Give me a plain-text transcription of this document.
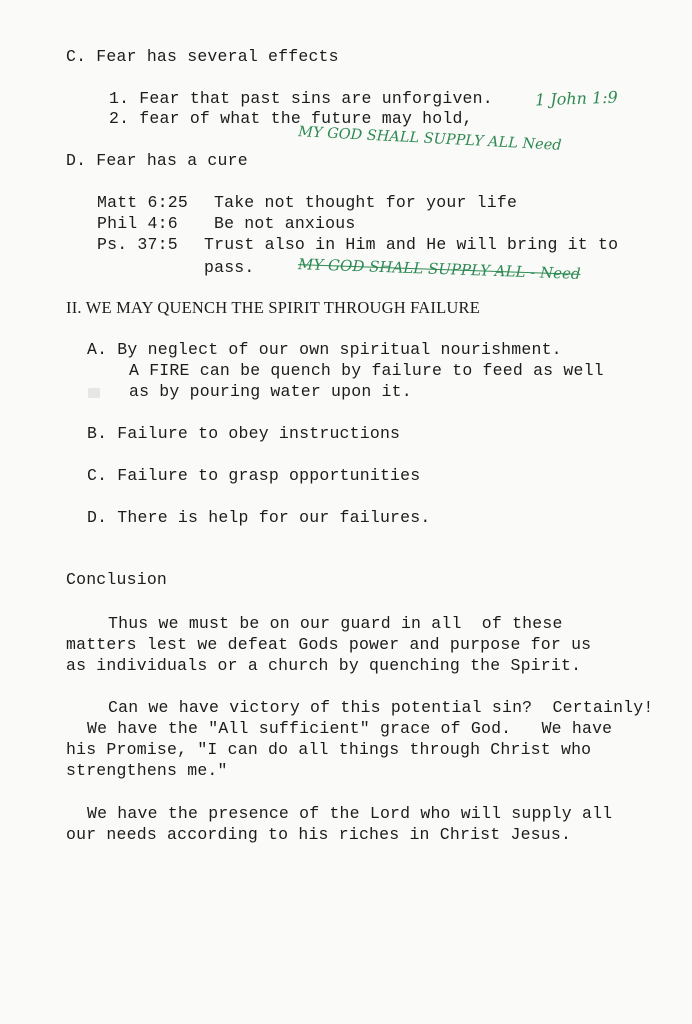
C. Fear has several effects
1. Fear that past sins are unforgiven.
2. fear of what the future may hold,
1 John 1:9
MY GOD SHALL SUPPLY ALL Need
D. Fear has a cure
Matt 6:25 Take not thought for your life
Phil 4:6 Be not anxious
Ps. 37:5 Trust also in Him and He will bring it to
pass.	MY GOD SHALL SUPPLY ALL - Need
II. WE MAY QUENCH THE SPIRIT THROUGH FAILURE
A. By neglect of our own spiritual nourishment.
A FIRE can be quench by failure to feed as well
as by pouring water upon it.
B. Failure to obey instructions
C. Failure to grasp opportunities
D. There is help for our failures.
Conclusion
Thus we must be on our guard in all  of these
matters lest we defeat Gods power and purpose for us
as individuals or a church by quenching the Spirit.
Can we have victory of this potential sin?  Certainly!
We have the "All sufficient" grace of God.   We have
his Promise, "I can do all things through Christ who
strengthens me."
We have the presence of the Lord who will supply all
our needs according to his riches in Christ Jesus.
